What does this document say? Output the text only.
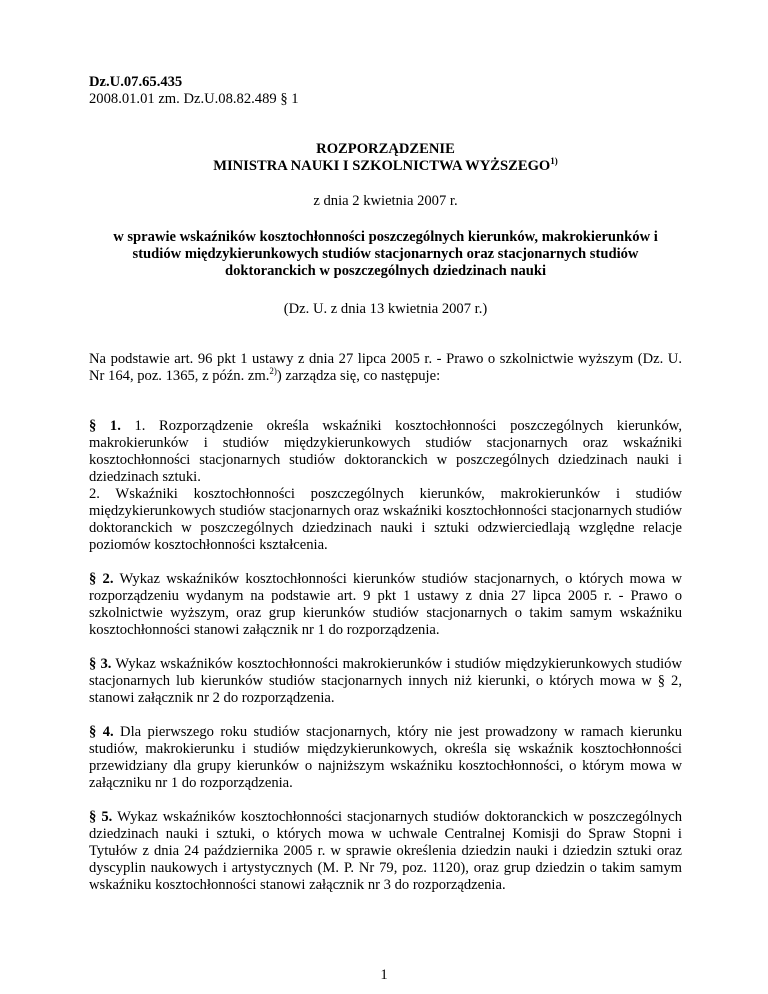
Dz.U.07.65.435

2008.01.01 zm. Dz.U.08.82.489 § 1

ROZPORZĄDZENIE

MINISTRA NAUKI I SZKOLNICTWA WYŻSZEGO$^{1)}$

z dnia 2 kwietnia 2007 r.

w sprawie wskaźników kosztochłonności poszczególnych kierunków, makrokierunków i studiów międzykierunkowych studiów stacjonarnych oraz stacjonarnych studiów doktoranckich w poszczególnych dziedzinach nauki

(Dz. U. z dnia 13 kwietnia 2007 r.)

Na podstawie art. 96 pkt 1 ustawy z dnia 27 lipca 2005 r. - Prawo o szkolnictwie wyższym (Dz. U. Nr 164, poz. 1365, z późn. zm.$^{2)}$) zarządza się, co następuje:

§ 1. 1. Rozporządzenie określa wskaźniki kosztochłonności poszczególnych kierunków, makrokierunków i studiów międzykierunkowych studiów stacjonarnych oraz wskaźniki kosztochłonności stacjonarnych studiów doktoranckich w poszczególnych dziedzinach nauki i dziedzinach sztuki.

2. Wskaźniki kosztochłonności poszczególnych kierunków, makrokierunków i studiów międzykierunkowych studiów stacjonarnych oraz wskaźniki kosztochłonności stacjonarnych studiów doktoranckich w poszczególnych dziedzinach nauki i sztuki odzwierciedlają względne relacje poziomów kosztochłonności kształcenia.

§ 2. Wykaz wskaźników kosztochłonności kierunków studiów stacjonarnych, o których mowa w rozporządzeniu wydanym na podstawie art. 9 pkt 1 ustawy z dnia 27 lipca 2005 r. - Prawo o szkolnictwie wyższym, oraz grup kierunków studiów stacjonarnych o takim samym wskaźniku kosztochłonności stanowi załącznik nr 1 do rozporządzenia.

§ 3. Wykaz wskaźników kosztochłonności makrokierunków i studiów międzykierunkowych studiów stacjonarnych lub kierunków studiów stacjonarnych innych niż kierunki, o których mowa w § 2, stanowi załącznik nr 2 do rozporządzenia.

§ 4. Dla pierwszego roku studiów stacjonarnych, który nie jest prowadzony w ramach kierunku studiów, makrokierunku i studiów międzykierunkowych, określa się wskaźnik kosztochłonności przewidziany dla grupy kierunków o najniższym wskaźniku kosztochłonności, o którym mowa w załączniku nr 1 do rozporządzenia.

§ 5. Wykaz wskaźników kosztochłonności stacjonarnych studiów doktoranckich w poszczególnych dziedzinach nauki i sztuki, o których mowa w uchwale Centralnej Komisji do Spraw Stopni i Tytułów z dnia 24 października 2005 r. w sprawie określenia dziedzin nauki i dziedzin sztuki oraz dyscyplin naukowych i artystycznych (M. P. Nr 79, poz. 1120), oraz grup dziedzin o takim samym wskaźniku kosztochłonności stanowi załącznik nr 3 do rozporządzenia.

1
